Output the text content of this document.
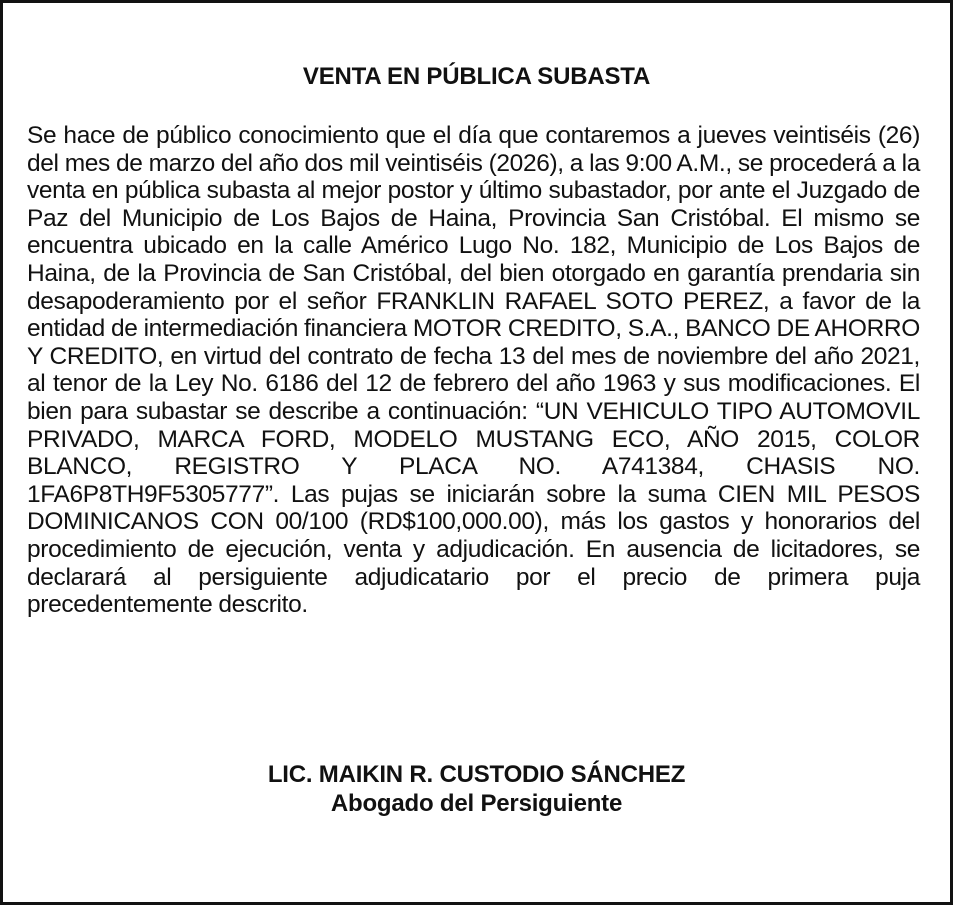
VENTA EN PÚBLICA SUBASTA

Se hace de público conocimiento que el día que contaremos a jueves veintiséis (26) del mes de marzo del año dos mil veintiséis (2026), a las 9:00 A.M., se procederá a la venta en pública subasta al mejor postor y último subastador, por ante el Juzgado de Paz del Municipio de Los Bajos de Haina, Provincia San Cristóbal. El mismo se encuentra ubicado en la calle Américo Lugo No. 182, Municipio de Los Bajos de Haina, de la Provincia de San Cristóbal, del bien otorgado en garantía prendaria sin desapoderamiento por el señor FRANKLIN RAFAEL SOTO PEREZ, a favor de la entidad de intermediación financiera MOTOR CREDITO, S.A., BANCO DE AHORRO Y CREDITO, en virtud del contrato de fecha 13 del mes de noviembre del año 2021, al tenor de la Ley No. 6186 del 12 de febrero del año 1963 y sus modificaciones. El bien para subastar se describe a continuación: “UN VEHICULO TIPO AUTOMOVIL PRIVADO, MARCA FORD, MODELO MUSTANG ECO, AÑO 2015, COLOR BLANCO, REGISTRO Y PLACA NO. A741384, CHASIS NO. 1FA6P8TH9F5305777”. Las pujas se iniciarán sobre la suma CIEN MIL PESOS DOMINICANOS CON 00/100 (RD$100,000.00), más los gastos y honorarios del procedimiento de ejecución, venta y adjudicación. En ausencia de licitadores, se declarará al persiguiente adjudicatario por el precio de primera puja precedentemente descrito.

LIC. MAIKIN R. CUSTODIO SÁNCHEZ
Abogado del Persiguiente
